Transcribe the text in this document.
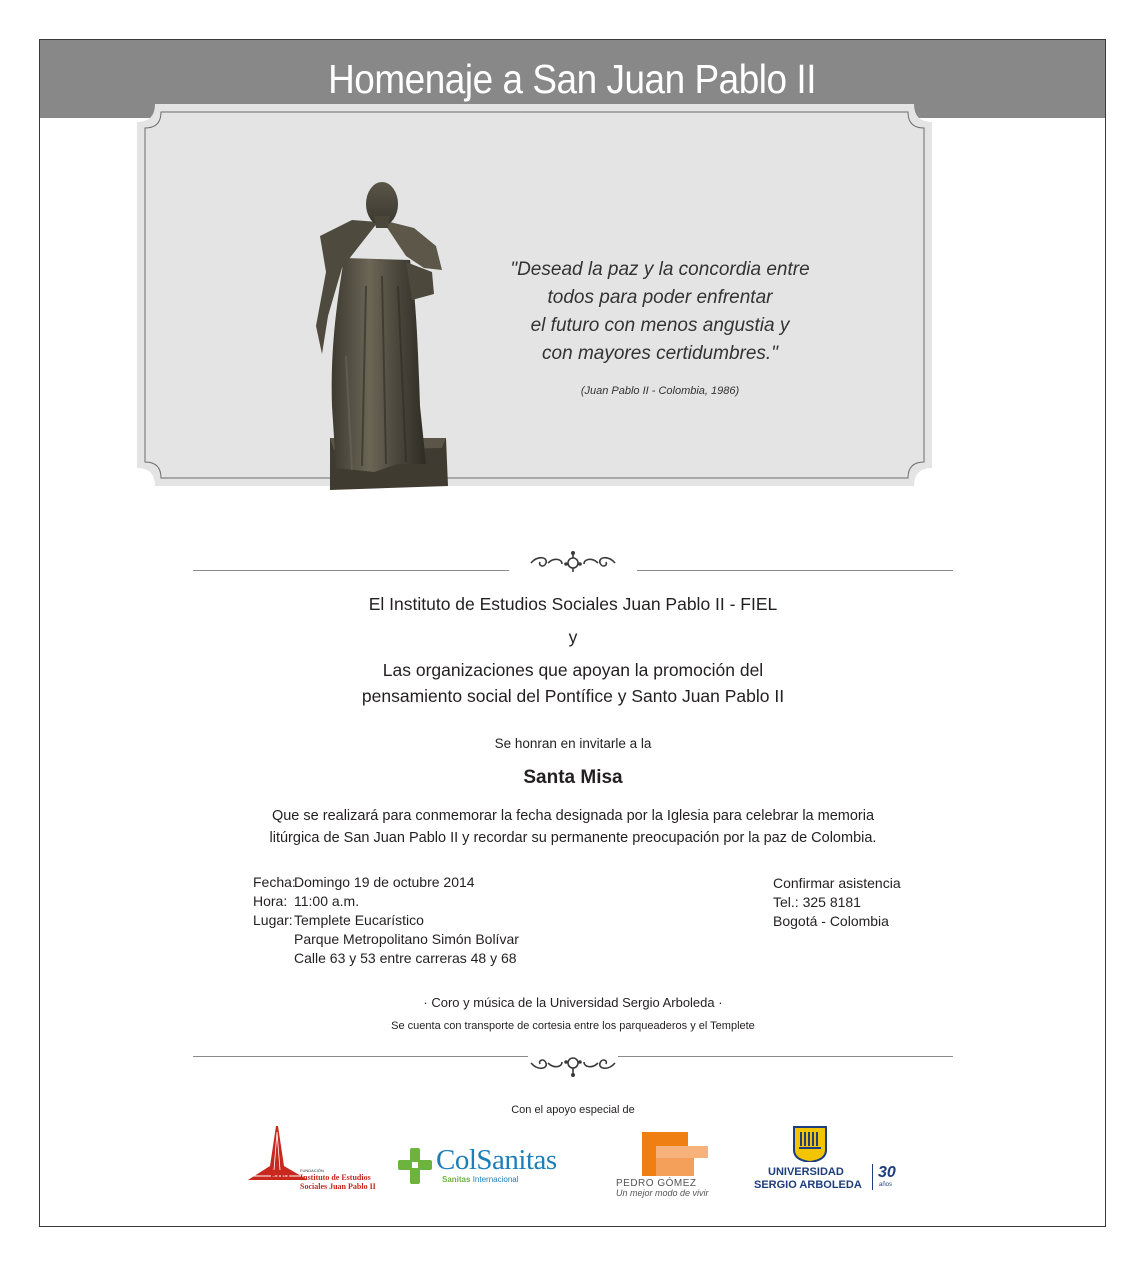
Homenaje a San Juan Pablo II
"Desead la paz y la concordia entre
todos para poder enfrentar
el futuro con menos angustia y
con mayores certidumbres."
(Juan Pablo II - Colombia, 1986)
El Instituto de Estudios Sociales Juan Pablo II - FIEL
y
Las organizaciones que apoyan la promoción del
pensamiento social del Pontífice y Santo Juan Pablo II
Se honran en invitarle a la
Santa Misa
Que se realizará para conmemorar la fecha designada por la Iglesia para celebrar la memoria
litúrgica de San Juan Pablo II y recordar su permanente preocupación por la paz de Colombia.
Fecha:
Domingo 19 de octubre 2014
Hora: 11:00 a.m.
Lugar: Templete Eucarístico
Parque Metropolitano Simón Bolívar
Calle 63 y 53 entre carreras 48 y 68
Confirmar asistencia
Tel.: 325 8181
Bogotá - Colombia
· Coro y música de la Universidad Sergio Arboleda ·
Se cuenta con transporte de cortesia entre los parqueaderos y el Templete
Con el apoyo especial de
FIEL
FUNDACIÓN
Instituto de Estudios
Sociales Juan Pablo II
ColSanitas
Sanitas Internacional	PEDRO GÓMEZ
Un mejor modo de vivir
UNIVERSIDAD
SERGIO ARBOLEDA
30
años
